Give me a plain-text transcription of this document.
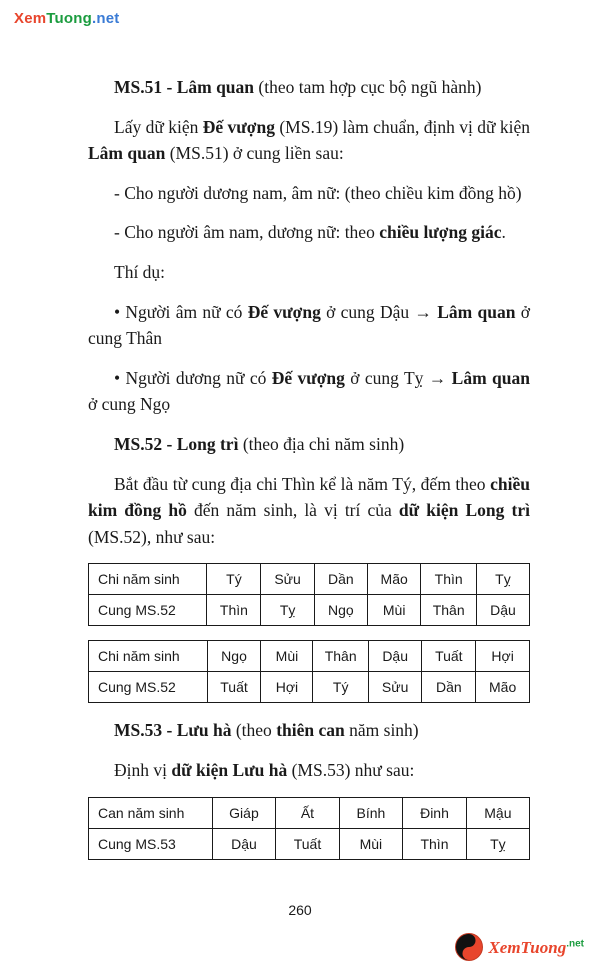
XemTuong.net

MS.51 - Lâm quan (theo tam hợp cục bộ ngũ hành)

Lấy dữ kiện Đế vượng (MS.19) làm chuẩn, định vị dữ kiện Lâm quan (MS.51) ở cung liền sau:

- Cho người dương nam, âm nữ: (theo chiều kim đồng hồ)

- Cho người âm nam, dương nữ: theo chiều lượng giác.

Thí dụ:

• Người âm nữ có Đế vượng ở cung Dậu → Lâm quan ở cung Thân

• Người dương nữ có Đế vượng ở cung Tỵ → Lâm quan ở cung Ngọ

MS.52 - Long trì (theo địa chi năm sinh)

Bắt đầu từ cung địa chi Thìn kể là năm Tý, đếm theo chiều kim đồng hồ đến năm sinh, là vị trí của dữ kiện Long trì (MS.52), như sau:

Chi năm sinh	Tý	Sửu	Dần	Mão	Thìn	Tỵ
Cung MS.52	Thìn	Tỵ	Ngọ	Mùi	Thân	Dậu
Chi năm sinh	Ngọ	Mùi	Thân	Dậu	Tuất	Hợi
Cung MS.52	Tuất	Hợi	Tý	Sửu	Dần	Mão

MS.53 - Lưu hà (theo thiên can năm sinh)

Định vị dữ kiện Lưu hà (MS.53) như sau:

Can năm sinh	Giáp	Ất	Bính	Đinh	Mậu
Cung MS.53	Dậu	Tuất	Mùi	Thìn	Tỵ
260
XemTuong$^{.net}$
